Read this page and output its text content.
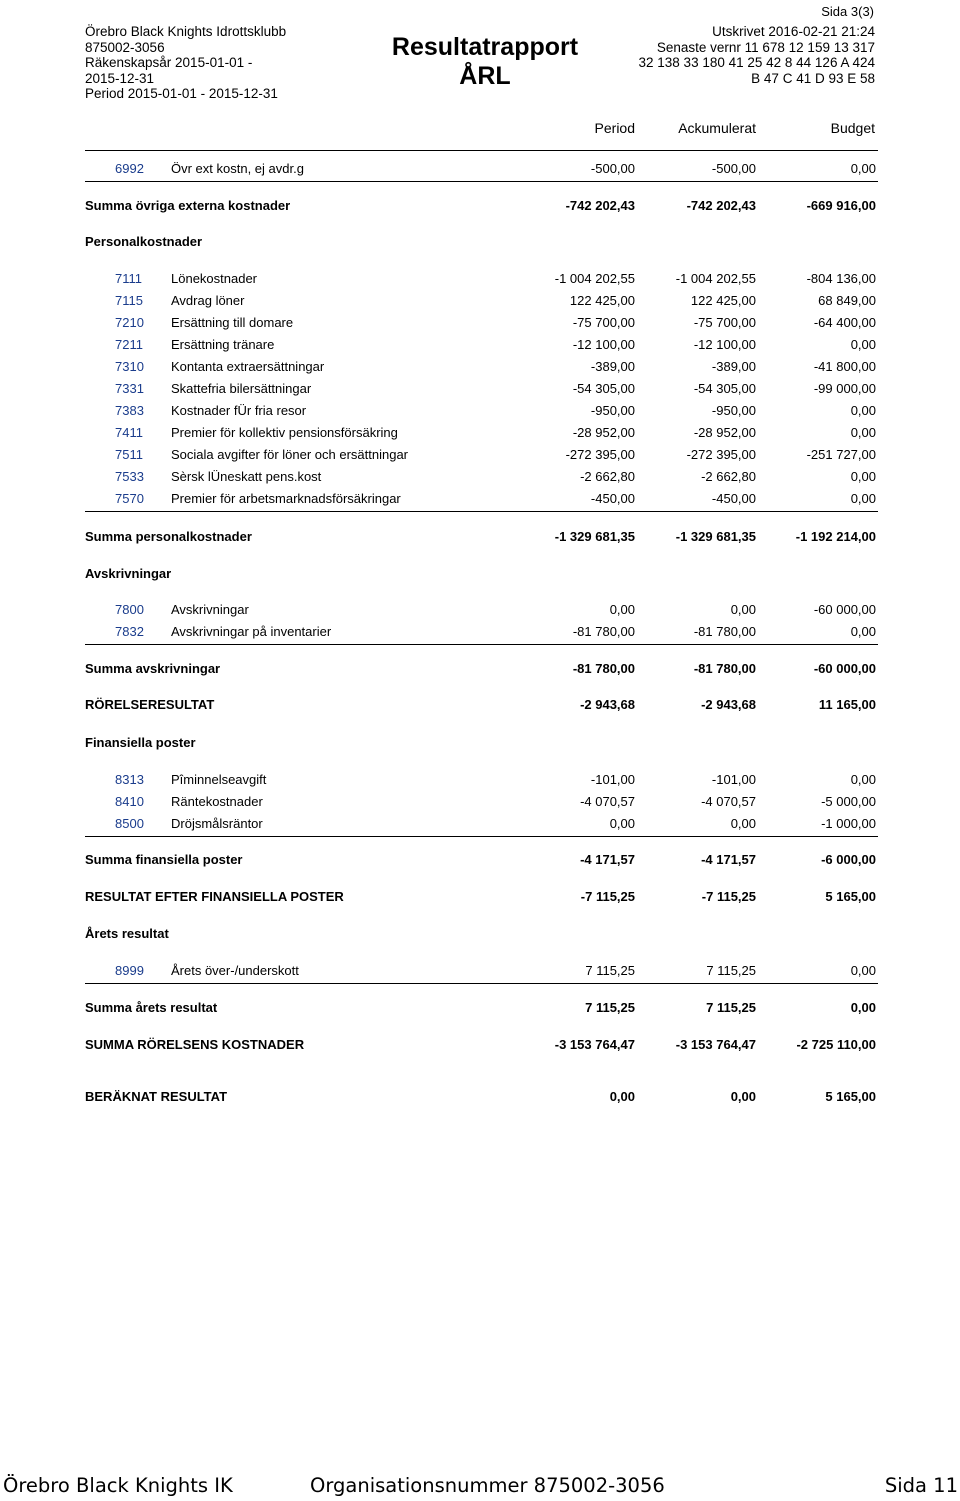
Sida 3(3)
Örebro Black Knights Idrottsklubb
875002-3056
Räkenskapsår 2015-01-01 -
2015-12-31
Period 2015-01-01 - 2015-12-31
Resultatrapport
ÅRL
Utskrivet 2016-02-21 21:24
Senaste vernr 11 678 12 159 13 317
32 138 33 180 41 25 42 8 44 126 A 424
B 47 C 41 D 93 E 58
Period	Ackumulerat	Budget
6992 Övr ext kostn, ej avdr.g	-500,00	-500,00	0,00
Summa övriga externa kostnader	-742 202,43	-742 202,43	-669 916,00
Personalkostnader
7111 Lönekostnader	-1 004 202,55	-1 004 202,55	-804 136,00
7115 Avdrag löner	122 425,00	122 425,00	68 849,00
7210 Ersättning till domare	-75 700,00	-75 700,00	-64 400,00
7211 Ersättning tränare	-12 100,00	-12 100,00	0,00
7310 Kontanta extraersättningar	-389,00	-389,00	-41 800,00
7331 Skattefria bilersättningar	-54 305,00	-54 305,00	-99 000,00
7383 Kostnader fÜr fria resor	-950,00	-950,00	0,00
7411 Premier för kollektiv pensionsförsäkring	-28 952,00	-28 952,00	0,00
7511 Sociala avgifter för löner och ersättningar	-272 395,00	-272 395,00	-251 727,00
7533 Sèrsk lÜneskatt pens.kost	-2 662,80	-2 662,80	0,00
7570 Premier för arbetsmarknadsförsäkringar	-450,00	-450,00	0,00
Summa personalkostnader	-1 329 681,35	-1 329 681,35	-1 192 214,00
Avskrivningar
7800 Avskrivningar	0,00	0,00	-60 000,00
7832 Avskrivningar på inventarier	-81 780,00	-81 780,00	0,00
Summa avskrivningar	-81 780,00	-81 780,00	-60 000,00
RÖRELSERESULTAT	-2 943,68	-2 943,68	11 165,00
Finansiella poster
8313 Pîminnelseavgift	-101,00	-101,00	0,00
8410 Räntekostnader	-4 070,57	-4 070,57	-5 000,00
8500 Dröjsmålsräntor	0,00	0,00	-1 000,00
Summa finansiella poster	-4 171,57	-4 171,57	-6 000,00
RESULTAT EFTER FINANSIELLA POSTER	-7 115,25	-7 115,25	5 165,00
Årets resultat
8999 Årets över-/underskott	7 115,25	7 115,25	0,00
Summa årets resultat	7 115,25	7 115,25	0,00
SUMMA RÖRELSENS KOSTNADER	-3 153 764,47	-3 153 764,47	-2 725 110,00
BERÄKNAT RESULTAT	0,00	0,00	5 165,00
Örebro Black Knights IK	Organisationsnummer 875002-3056	Sida 11
